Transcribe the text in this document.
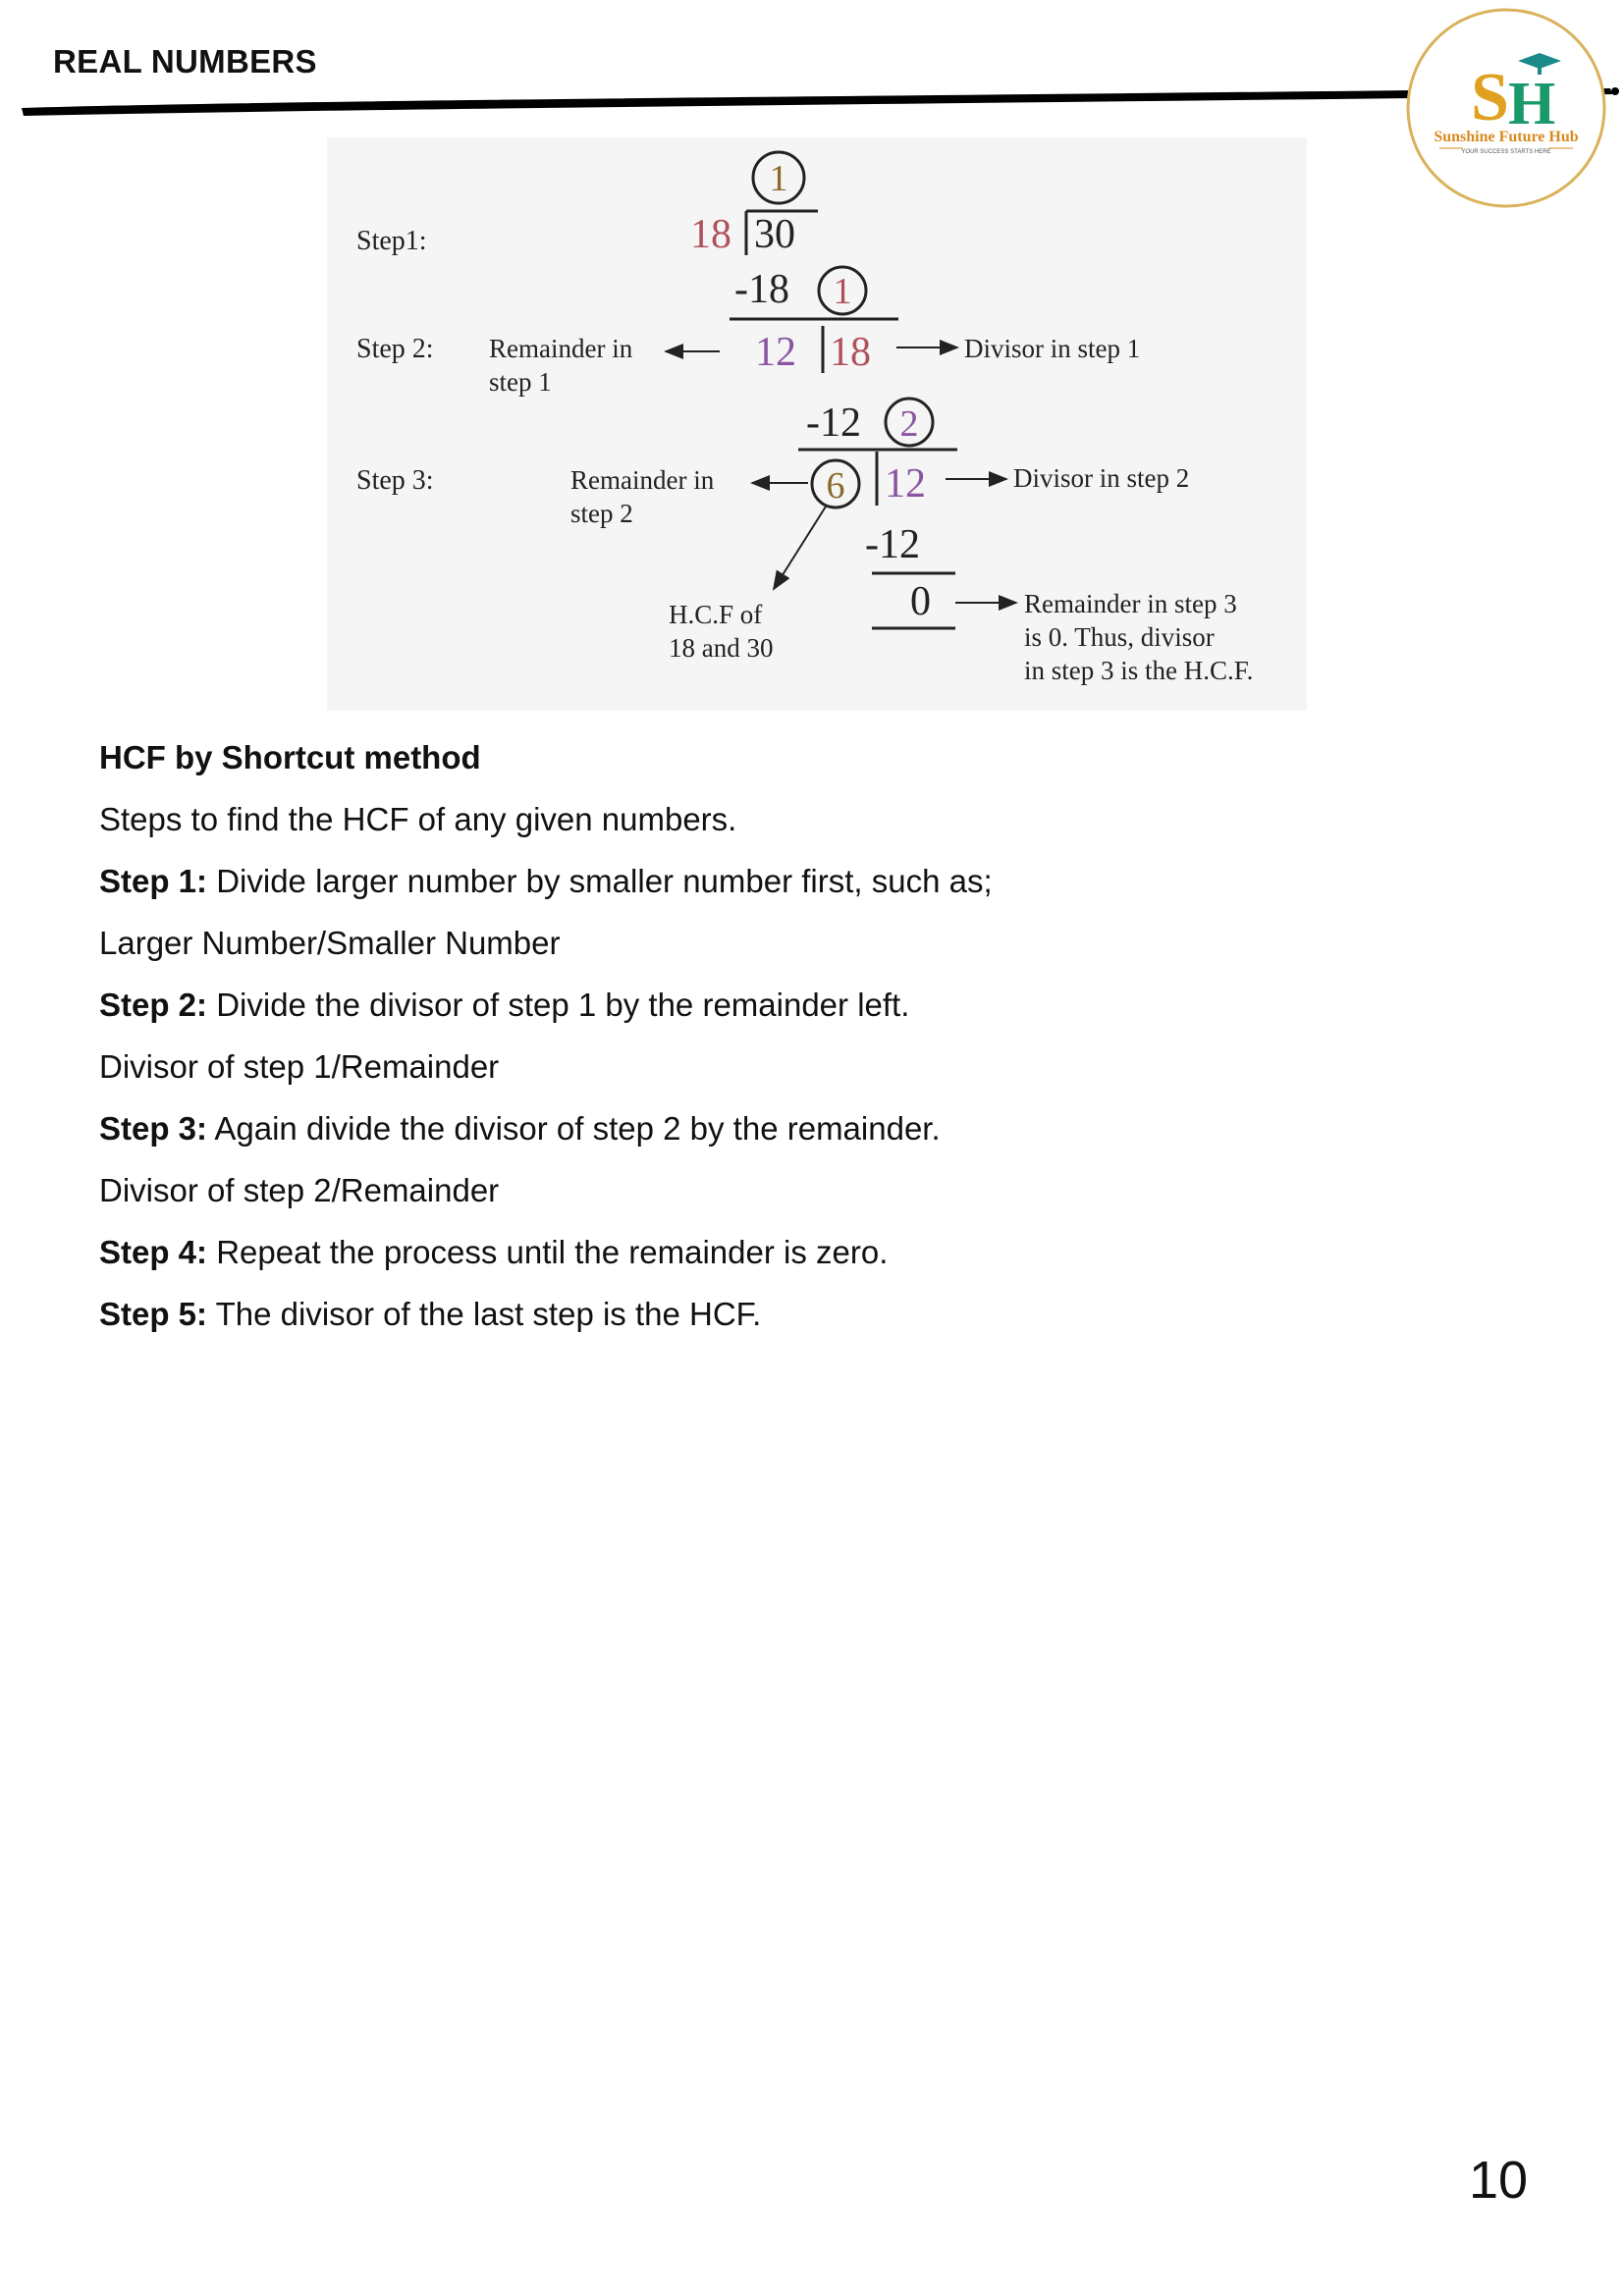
REAL NUMBERS	S H
Sunshine Future Hub
YOUR SUCCESS STARTS HERE
Step1:
Step 2:
Step 3:
1
18 30
-18 1
12 18
Remainder in
step 1
Divisor in step 1
-12 2
6 12
Remainder in
step 2
Divisor in step 2
H.C.F of
18 and 30
-12
0	Remainder in step 3
is 0. Thus, divisor
in step 3 is the H.C.F.
HCF by Shortcut method
Steps to find the HCF of any given numbers.
Step 1: Divide larger number by smaller number first, such as;
Larger Number/Smaller Number
Step 2: Divide the divisor of step 1 by the remainder left.
Divisor of step 1/Remainder
Step 3: Again divide the divisor of step 2 by the remainder.
Divisor of step 2/Remainder
Step 4: Repeat the process until the remainder is zero.
Step 5: The divisor of the last step is the HCF.
10
